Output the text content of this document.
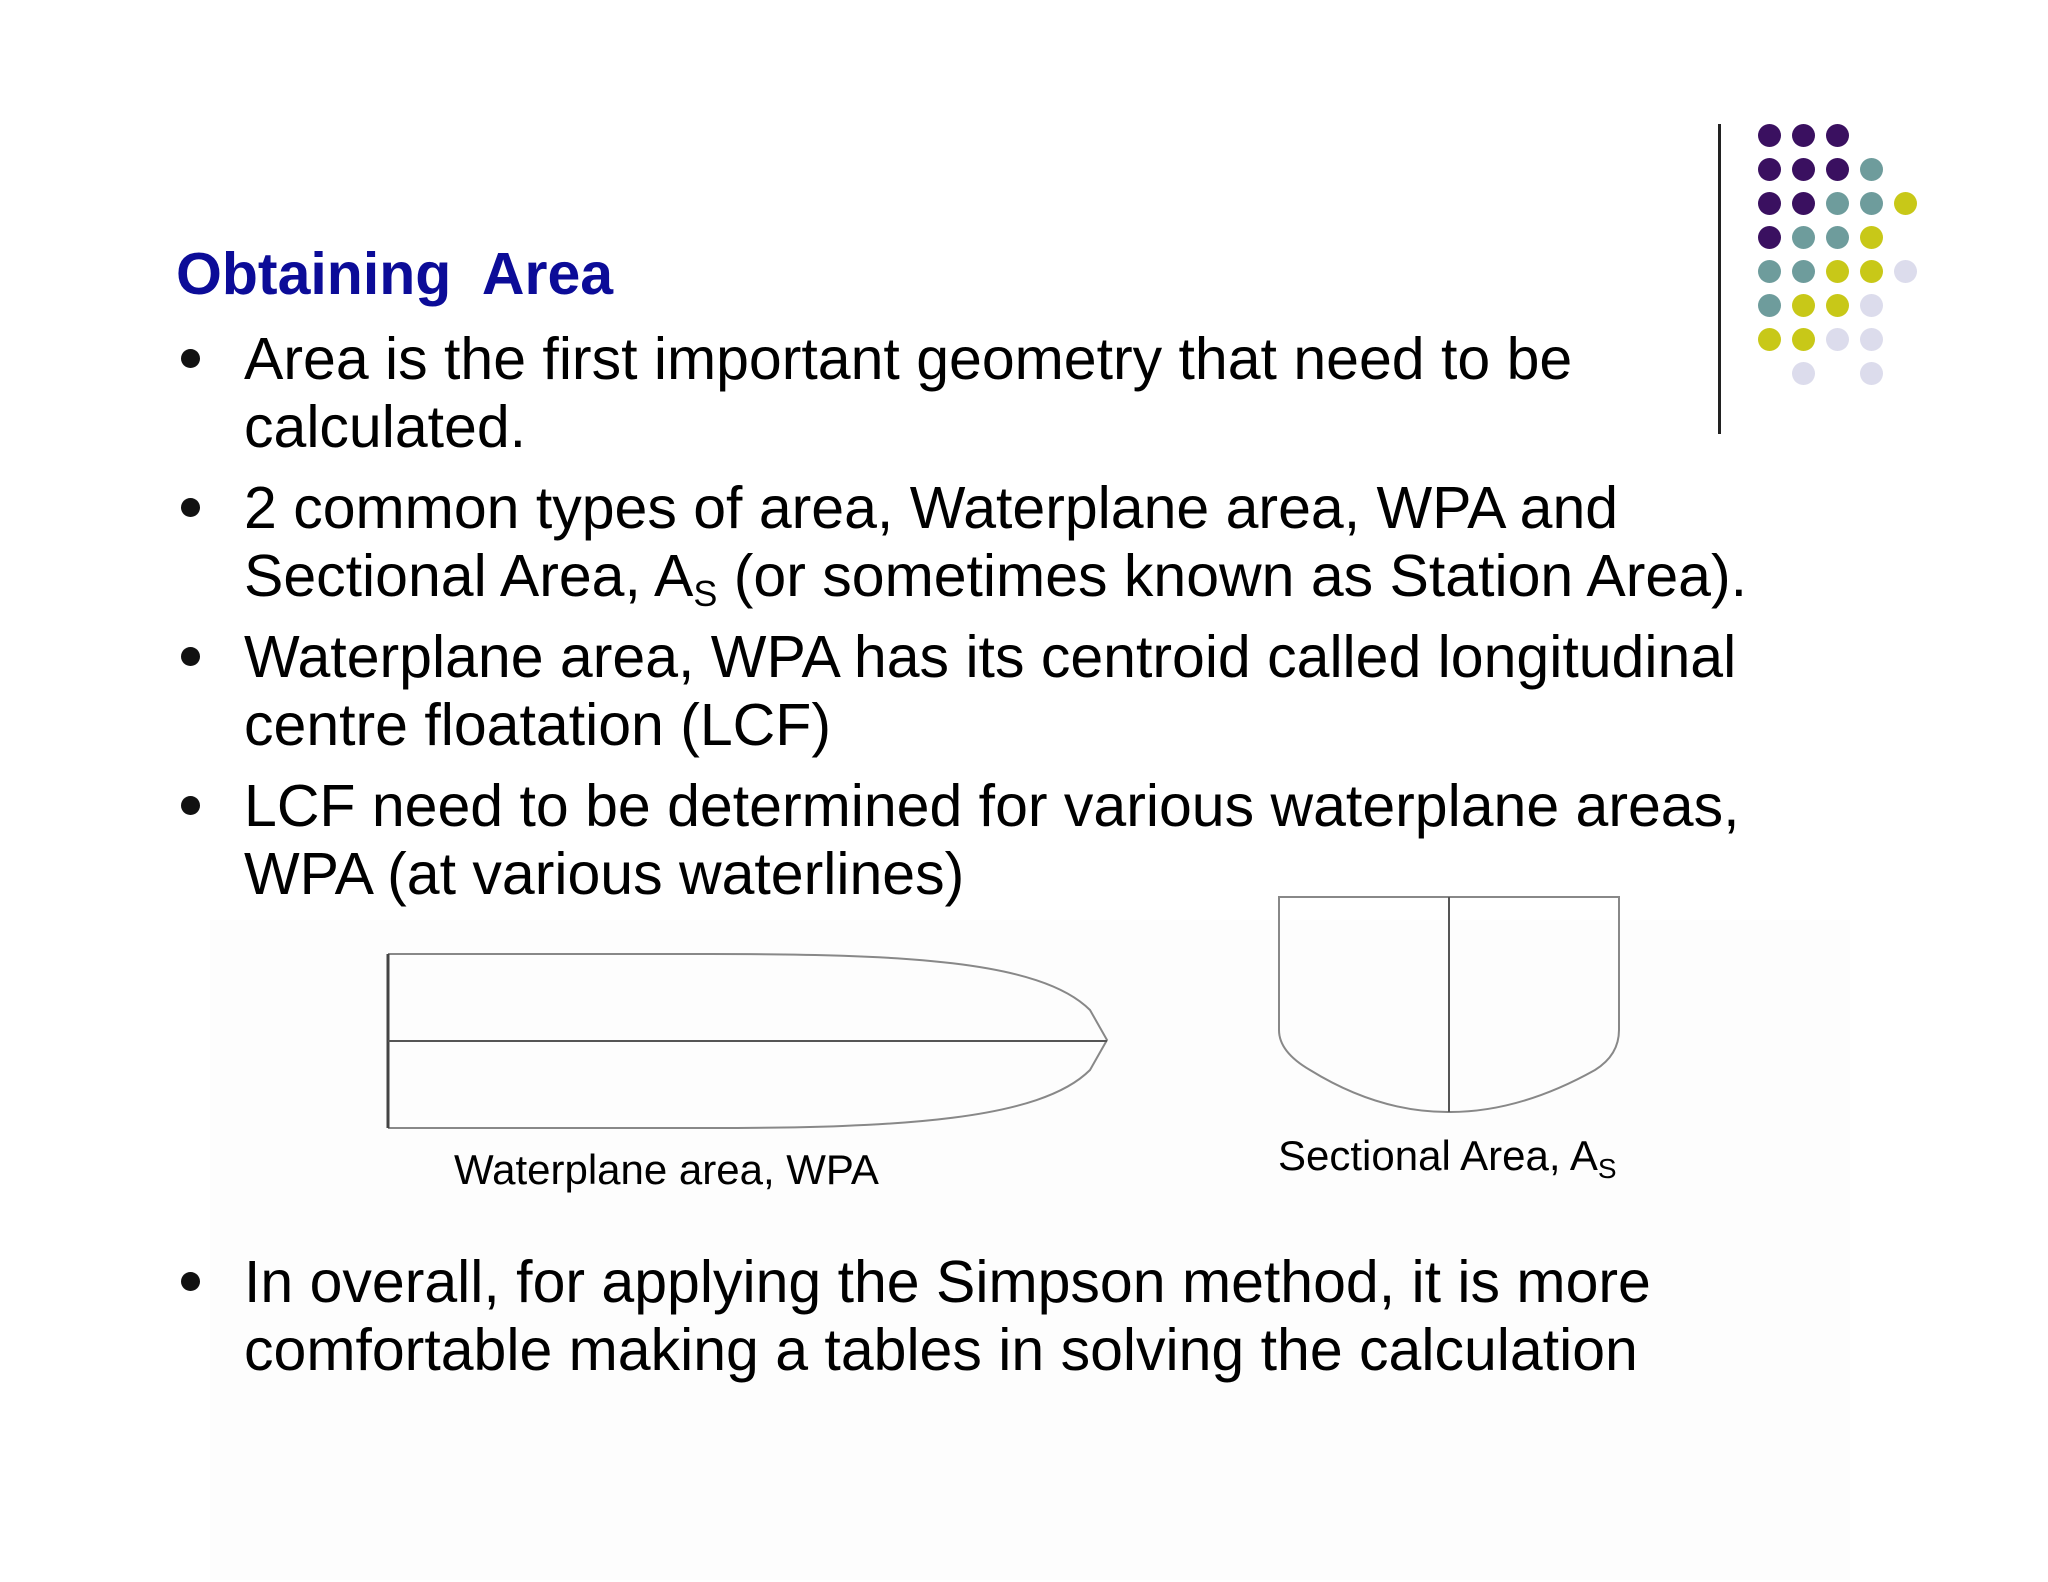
Obtaining  Area
Area is the first important geometry that need to be
calculated.
2 common types of area, Waterplane area, WPA and
Sectional Area, $A_S$ (or sometimes known as Station Area).
Waterplane area, WPA has its centroid called longitudinal
centre floatation (LCF)
LCF need to be determined for various waterplane areas,
WPA (at various waterlines)
Waterplane area, WPA	Sectional Area, $A_S$
In overall, for applying the Simpson method, it is more
comfortable making a tables in solving the calculation
